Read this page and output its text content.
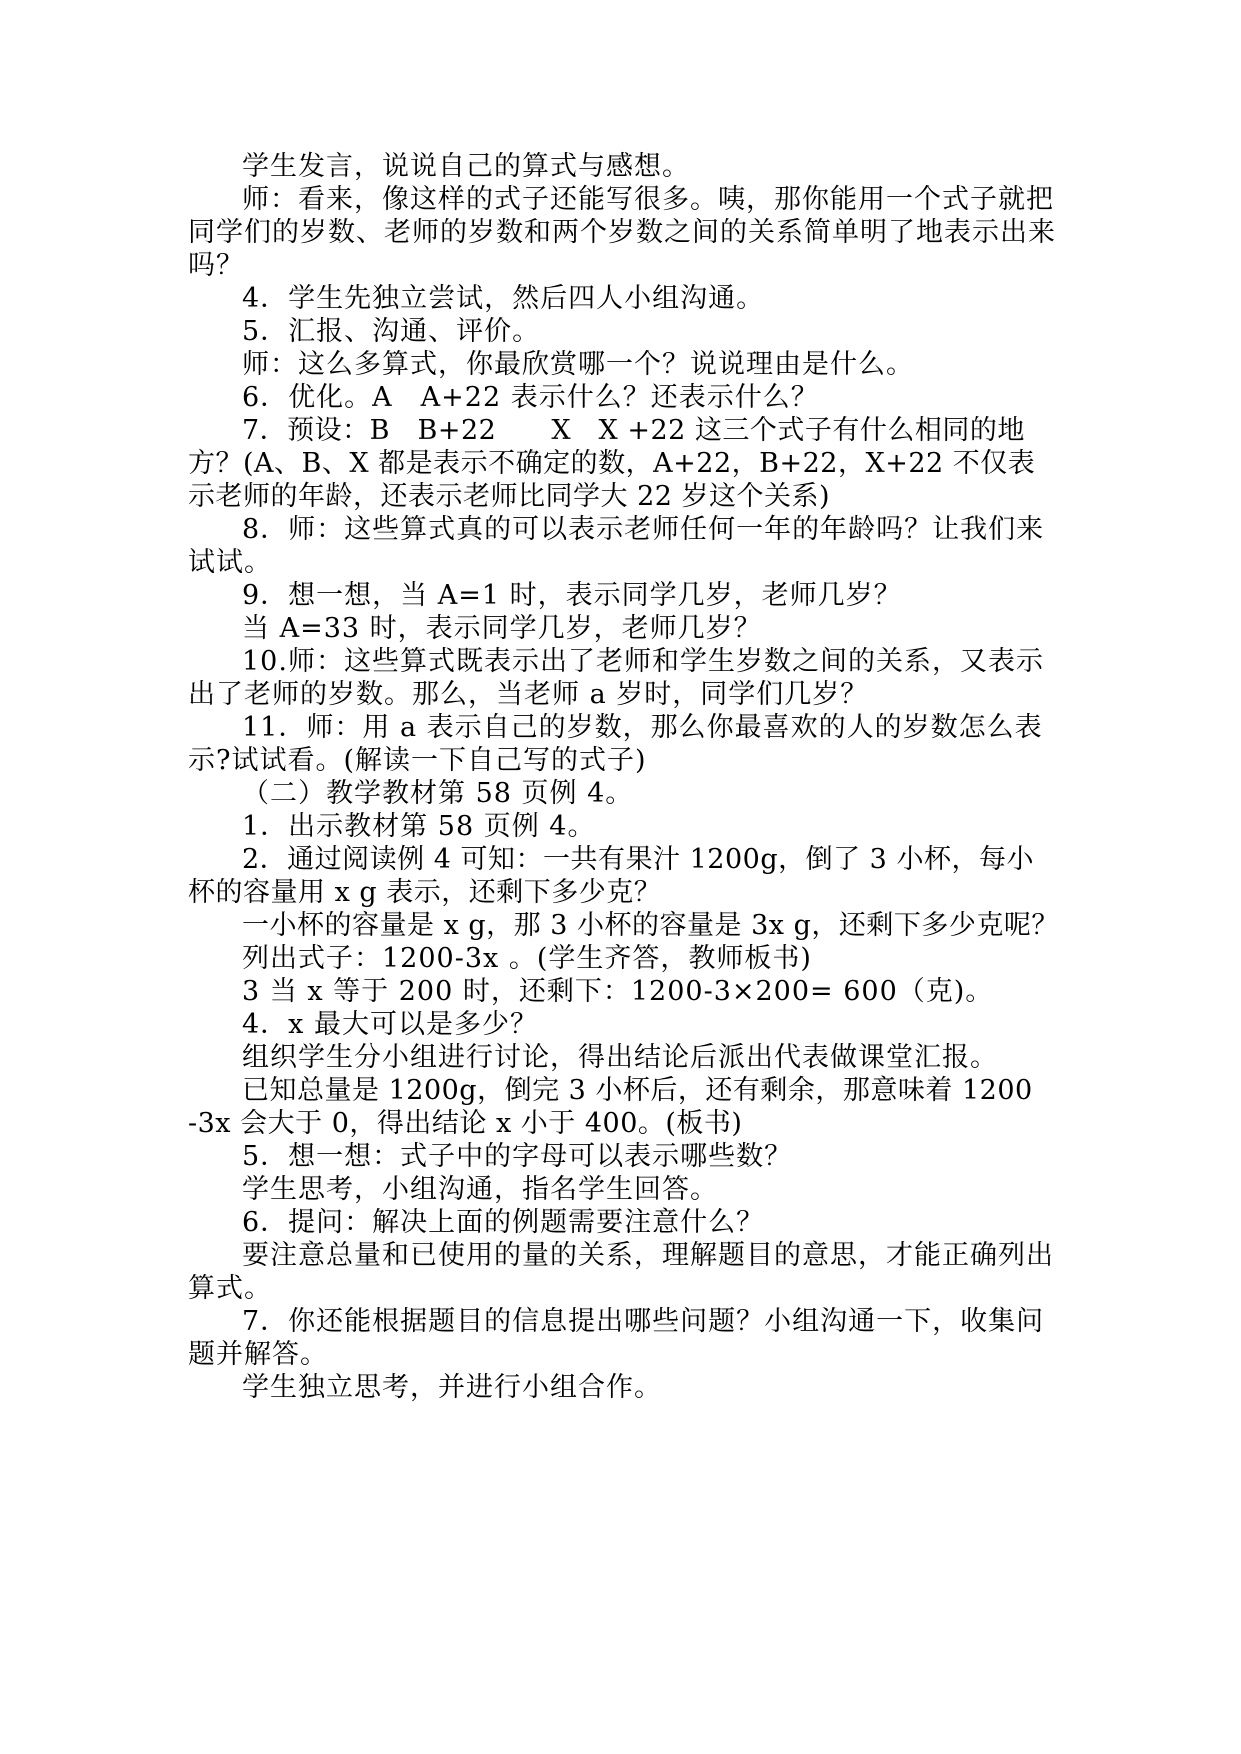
学生发言，说说自己的算式与感想。

师：看来，像这样的式子还能写很多。咦，那你能用一个式子就把同学们的岁数、老师的岁数和两个岁数之间的关系简单明了地表示出来吗？

4．学生先独立尝试，然后四人小组沟通。

5．汇报、沟通、评价。

师：这么多算式，你最欣赏哪一个？说说理由是什么。

6．优化。A　A+22 表示什么？还表示什么？

7．预设：B　B+22　　X　X +22 这三个式子有什么相同的地方？(A、B、X 都是表示不确定的数，A+22，B+22，X+22 不仅表示老师的年龄，还表示老师比同学大 22 岁这个关系)

8．师：这些算式真的可以表示老师任何一年的年龄吗？让我们来试试。

9．想一想，当 A=1 时，表示同学几岁，老师几岁？

当 A=33 时，表示同学几岁，老师几岁？

10.师：这些算式既表示出了老师和学生岁数之间的关系，又表示出了老师的岁数。那么，当老师 a 岁时，同学们几岁？

11．师：用 a 表示自己的岁数，那么你最喜欢的人的岁数怎么表示?试试看。(解读一下自己写的式子)

（二）教学教材第 58 页例 4。

1．出示教材第 58 页例 4。

2．通过阅读例 4 可知：一共有果汁 1200g，倒了 3 小杯，每小杯的容量用 x g 表示，还剩下多少克？

一小杯的容量是 x g，那 3 小杯的容量是 3x g，还剩下多少克呢？

列出式子：1200-3x 。(学生齐答，教师板书)

3 当 x 等于 200 时，还剩下：1200-3×200= 600（克)。

4．x 最大可以是多少？

组织学生分小组进行讨论，得出结论后派出代表做课堂汇报。

已知总量是 1200g，倒完 3 小杯后，还有剩余，那意味着 1200 -3x 会大于 0，得出结论 x 小于 400。(板书)

5．想一想：式子中的字母可以表示哪些数？

学生思考，小组沟通，指名学生回答。

6．提问：解决上面的例题需要注意什么？

要注意总量和已使用的量的关系，理解题目的意思，才能正确列出算式。

7．你还能根据题目的信息提出哪些问题？小组沟通一下，收集问题并解答。

学生独立思考，并进行小组合作。
